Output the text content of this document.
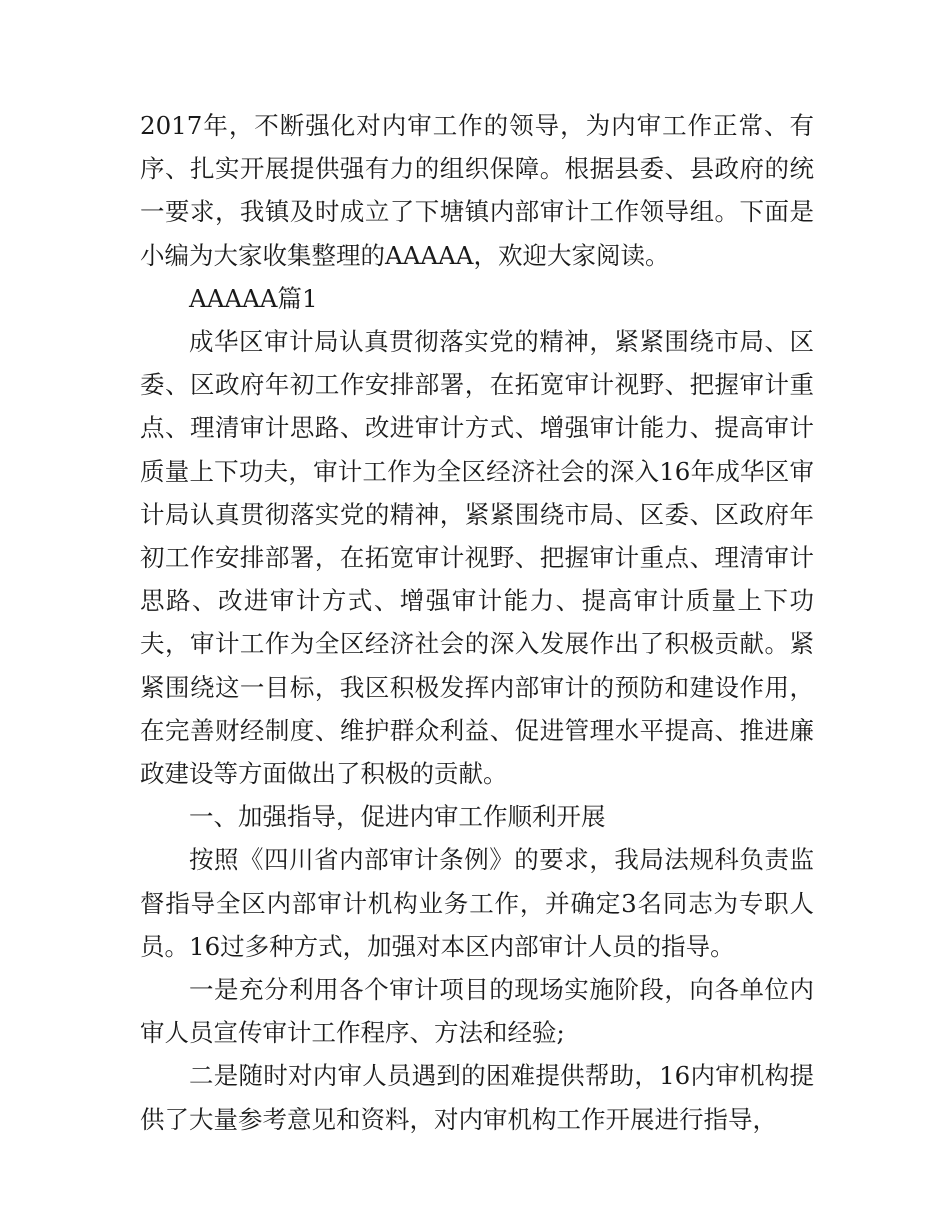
2017年，不断强化对内审工作的领导，为内审工作正常、有序、扎实开展提供强有力的组织保障。根据县委、县政府的统一要求，我镇及时成立了下塘镇内部审计工作领导组。下面是小编为大家收集整理的AAAAA，欢迎大家阅读。

AAAAA篇1

成华区审计局认真贯彻落实党的精神，紧紧围绕市局、区委、区政府年初工作安排部署，在拓宽审计视野、把握审计重点、理清审计思路、改进审计方式、增强审计能力、提高审计质量上下功夫，审计工作为全区经济社会的深入16年成华区审计局认真贯彻落实党的精神，紧紧围绕市局、区委、区政府年初工作安排部署，在拓宽审计视野、把握审计重点、理清审计思路、改进审计方式、增强审计能力、提高审计质量上下功夫，审计工作为全区经济社会的深入发展作出了积极贡献。紧紧围绕这一目标，我区积极发挥内部审计的预防和建设作用，在完善财经制度、维护群众利益、促进管理水平提高、推进廉政建设等方面做出了积极的贡献。

一、加强指导，促进内审工作顺利开展

按照《四川省内部审计条例》的要求，我局法规科负责监督指导全区内部审计机构业务工作，并确定3名同志为专职人员。16过多种方式，加强对本区内部审计人员的指导。

一是充分利用各个审计项目的现场实施阶段，向各单位内审人员宣传审计工作程序、方法和经验;

二是随时对内审人员遇到的困难提供帮助，16内审机构提供了大量参考意见和资料，对内审机构工作开展进行指导，
